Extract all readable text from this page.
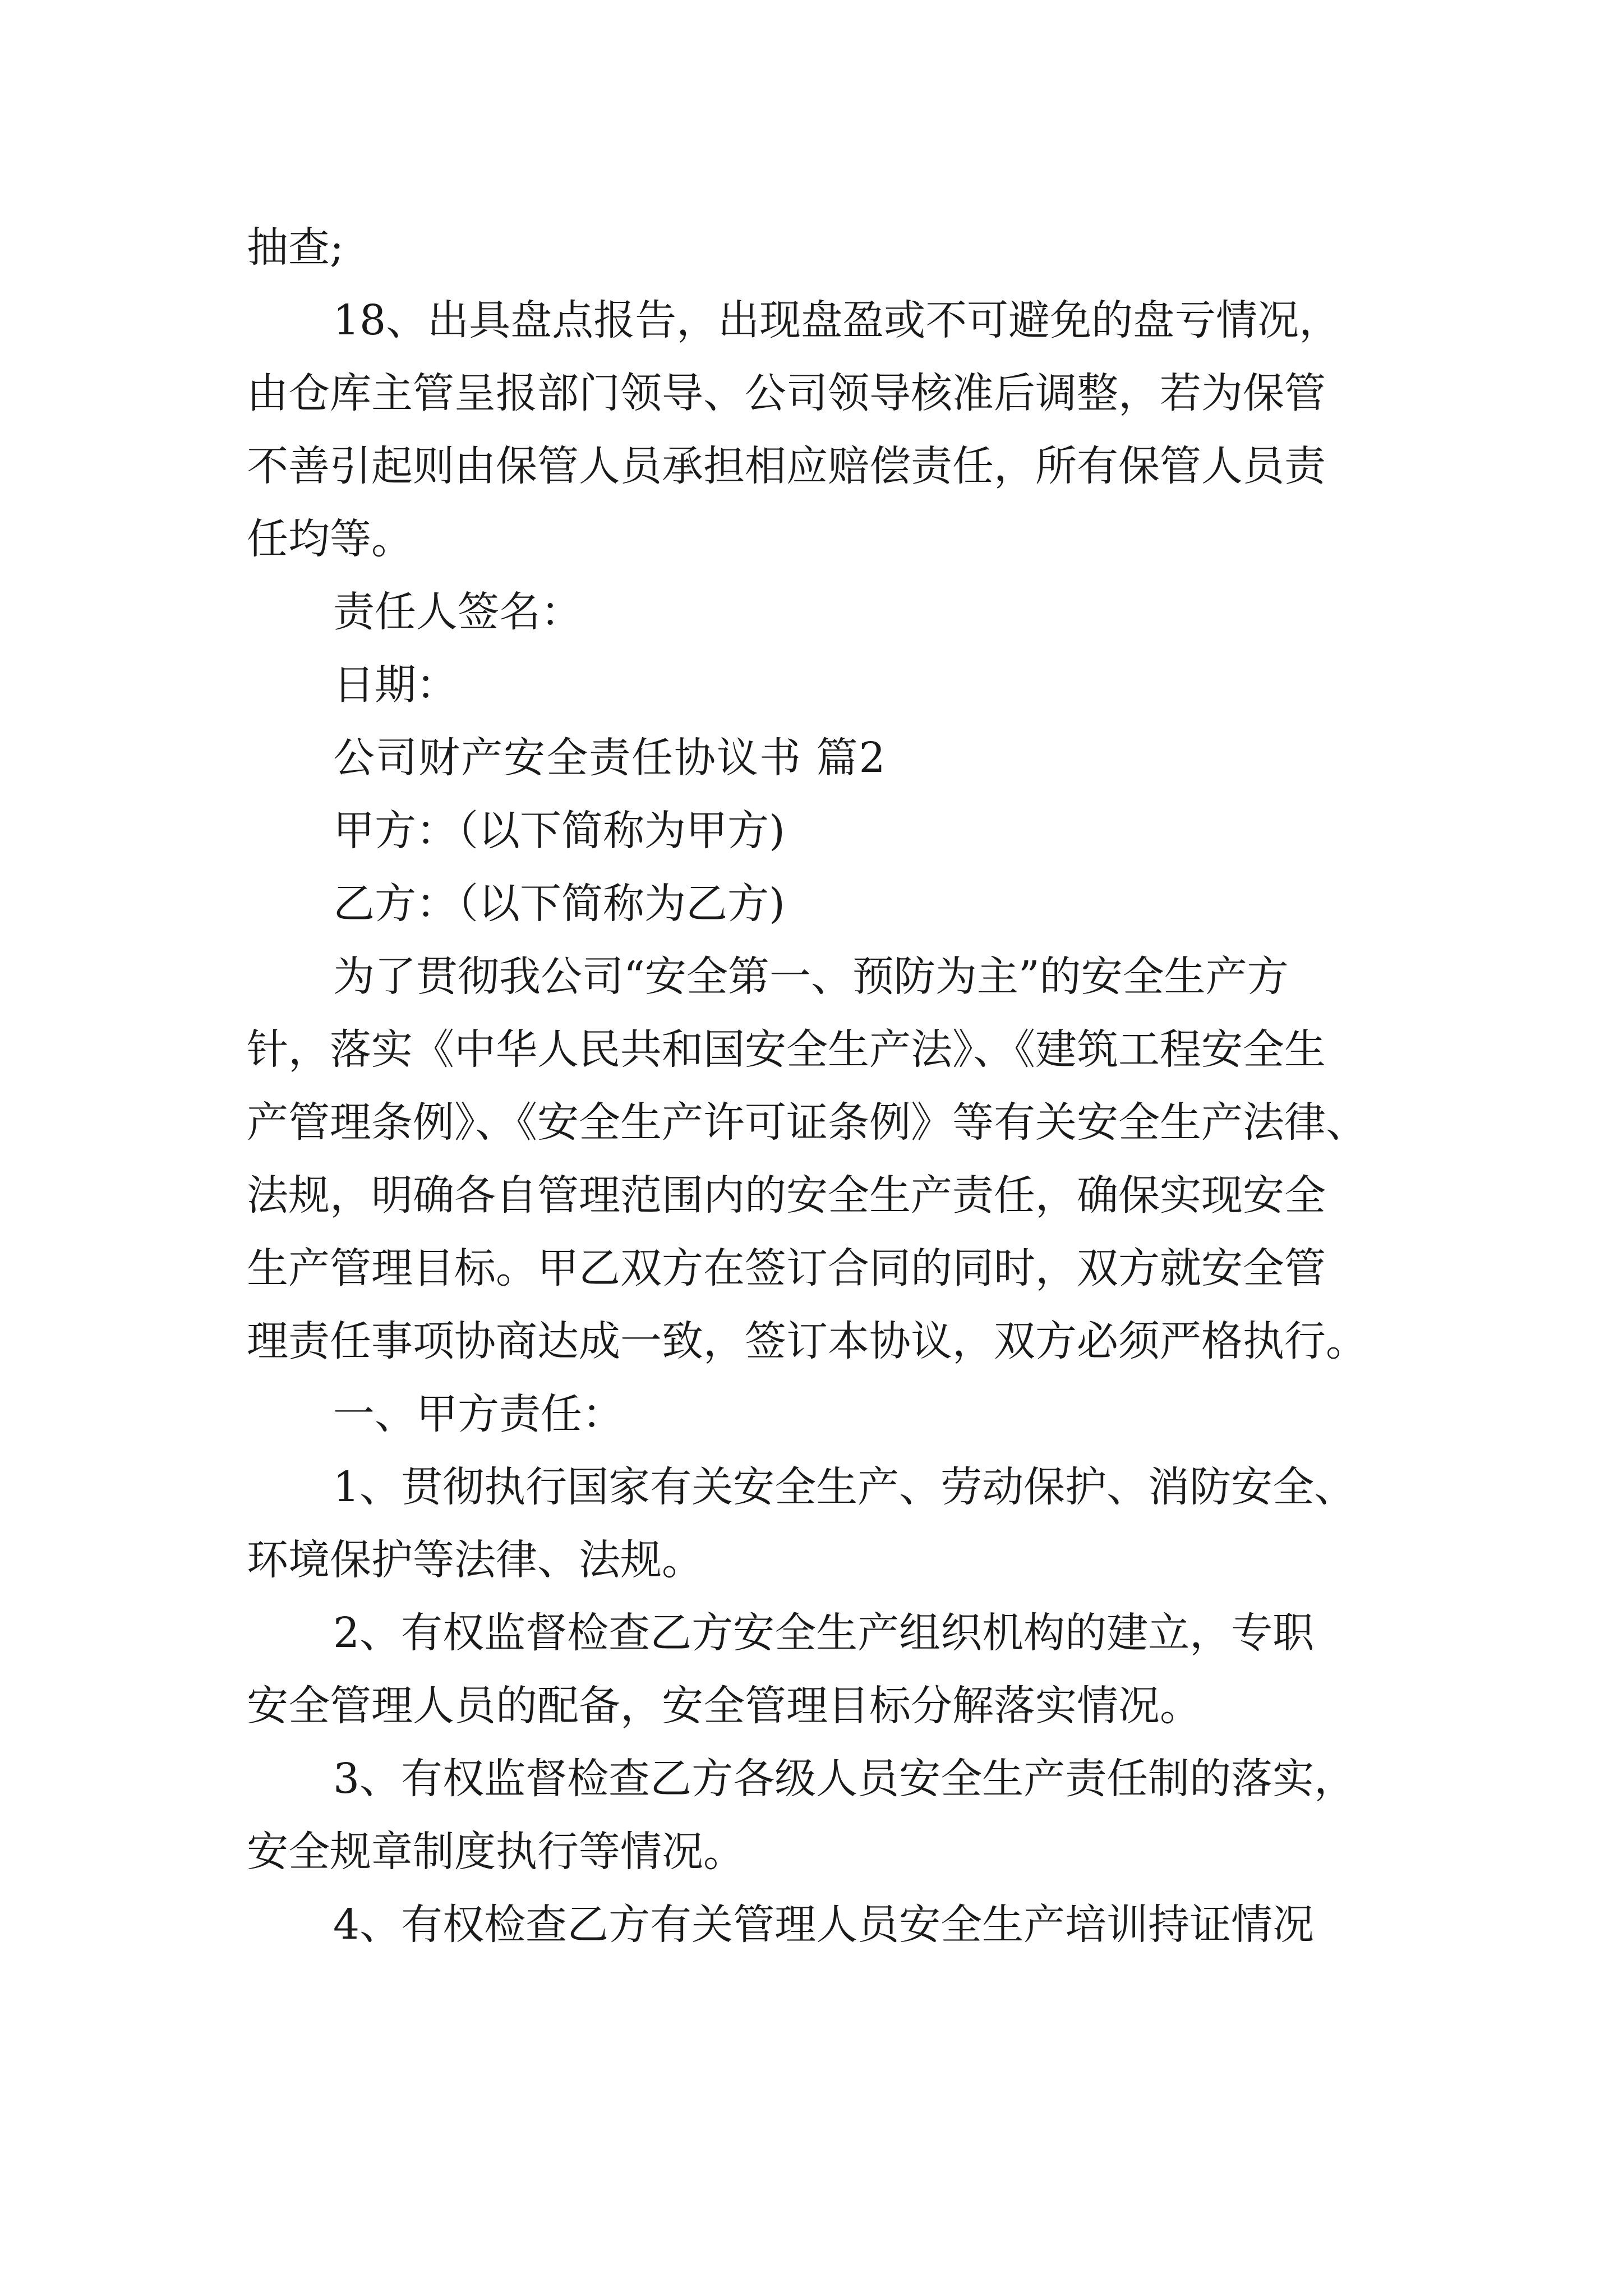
抽查;
18、出具盘点报告，出现盘盈或不可避免的盘亏情况，
由仓库主管呈报部门领导、公司领导核准后调整，若为保管
不善引起则由保管人员承担相应赔偿责任，所有保管人员责
任均等。
责任人签名：
日期：
公司财产安全责任协议书 篇2
甲方：（以下简称为甲方)
乙方：（以下简称为乙方)
为了贯彻我公司“安全第一、预防为主”的安全生产方
针，落实《中华人民共和国安全生产法》、《建筑工程安全生
产管理条例》、《安全生产许可证条例》等有关安全生产法律、
法规，明确各自管理范围内的安全生产责任，确保实现安全
生产管理目标。甲乙双方在签订合同的同时，双方就安全管
理责任事项协商达成一致，签订本协议，双方必须严格执行。
一、甲方责任：
1、贯彻执行国家有关安全生产、劳动保护、消防安全、
环境保护等法律、法规。
2、有权监督检查乙方安全生产组织机构的建立，专职
安全管理人员的配备，安全管理目标分解落实情况。
3、有权监督检查乙方各级人员安全生产责任制的落实，
安全规章制度执行等情况。
4、有权检查乙方有关管理人员安全生产培训持证情况
